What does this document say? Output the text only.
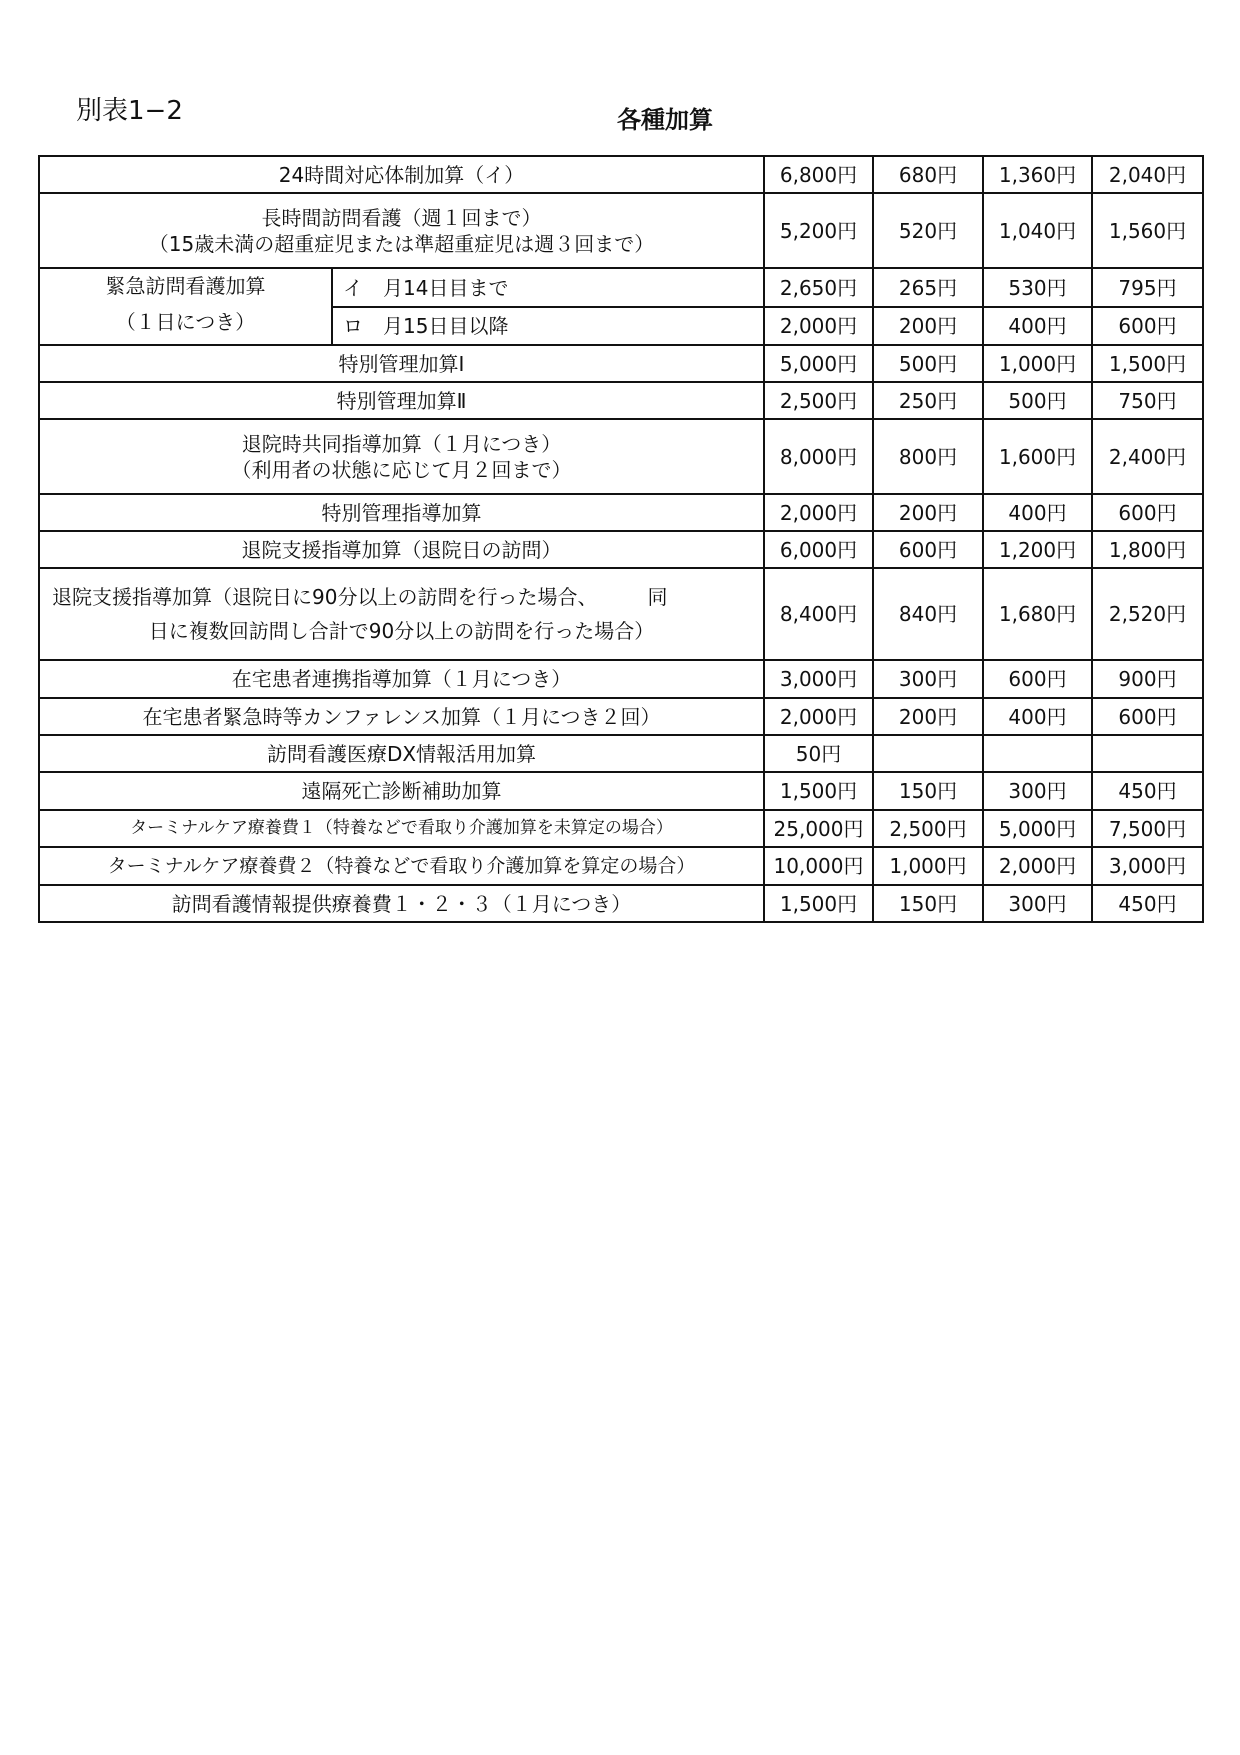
別表1−2	各種加算
24時間対応体制加算（イ）		6,800円	680円	1,360円	2,040円

長時間訪問看護（週１回まで）
（15歳未満の超重症児または準超重症児は週３回まで）		5,200円	520円	1,040円	1,560円

緊急訪問看護加算
（１日につき）	イ　月14日目まで	2,650円	265円	530円	795円
	ロ　月15日目以降	2,000円	200円	400円	600円
特別管理加算Ⅰ		5,000円	500円	1,000円	1,500円
特別管理加算Ⅱ		2,500円	250円	500円	750円

退院時共同指導加算（１月につき）
（利用者の状態に応じて月２回まで）		8,000円	800円	1,600円	2,400円
特別管理指導加算		2,000円	200円	400円	600円
退院支援指導加算（退院日の訪問）		6,000円	600円	1,200円	1,800円

退院支援指導加算（退院日に90分以上の訪問を行った場合、　　　同
日に複数回訪問し合計で90分以上の訪問を行った場合）		8,400円	840円	1,680円	2,520円
在宅患者連携指導加算（１月につき）		3,000円	300円	600円	900円
在宅患者緊急時等カンファレンス加算（１月につき２回）		2,000円	200円	400円	600円
訪問看護医療DX情報活用加算		50円			
遠隔死亡診断補助加算		1,500円	150円	300円	450円
ターミナルケア療養費１（特養などで看取り介護加算を未算定の場合）		25,000円	2,500円	5,000円	7,500円
ターミナルケア療養費２（特養などで看取り介護加算を算定の場合）		10,000円	1,000円	2,000円	3,000円
訪問看護情報提供療養費１・２・３（１月につき）		1,500円	150円	300円	450円
